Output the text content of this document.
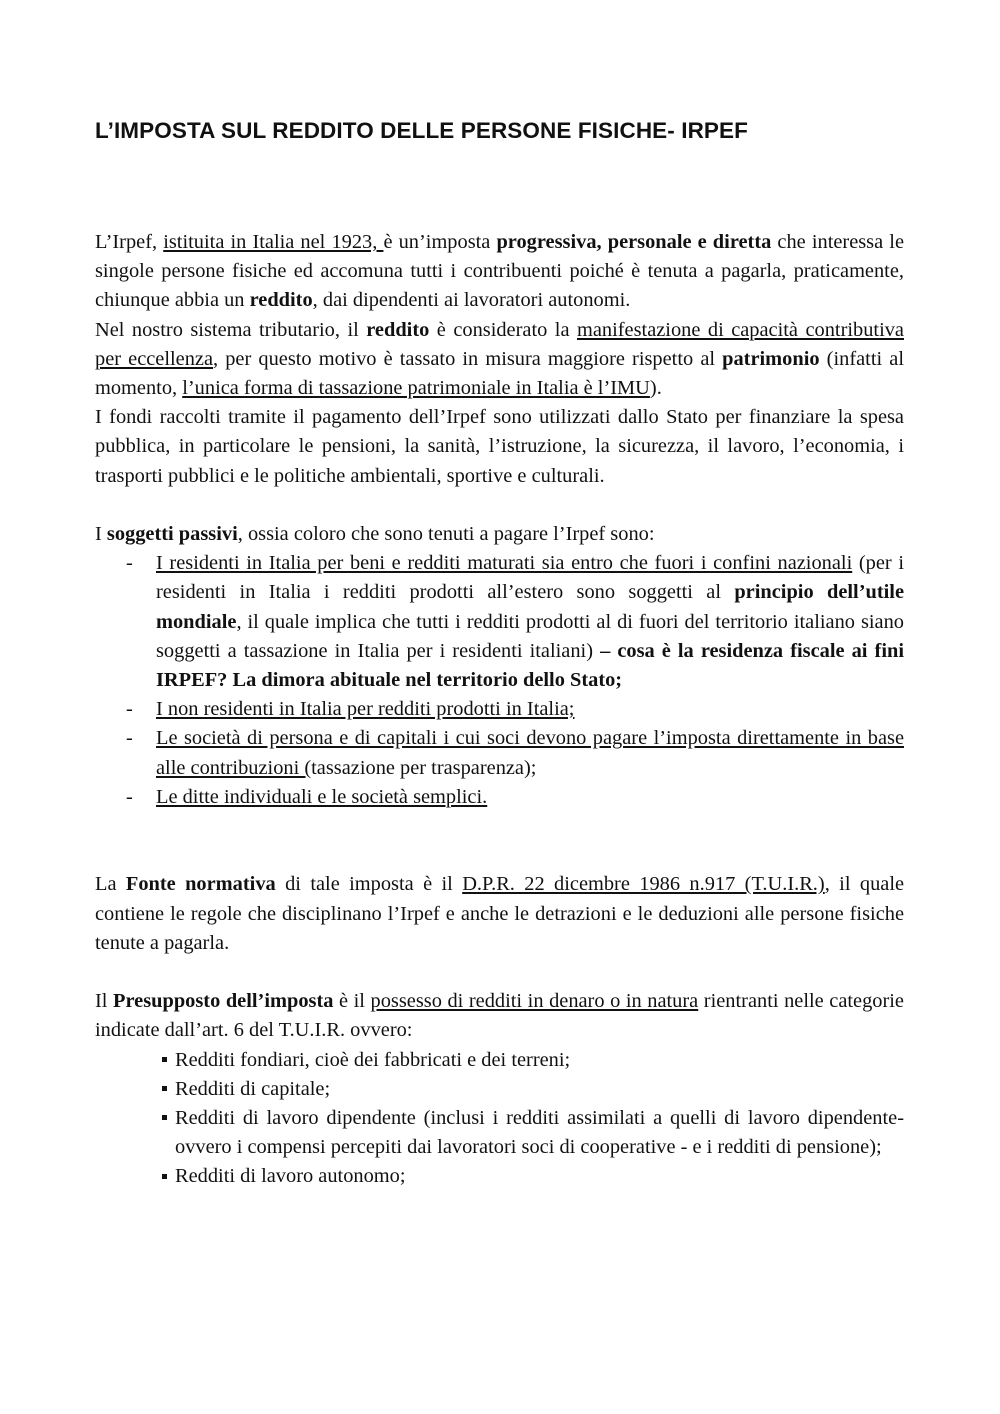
L’IMPOSTA SUL REDDITO DELLE PERSONE FISICHE- IRPEF

L’Irpef, istituita in Italia nel 1923, è un’imposta progressiva, personale e diretta che interessa le singole persone fisiche ed accomuna tutti i contribuenti poiché è tenuta a pagarla, praticamente, chiunque abbia un reddito, dai dipendenti ai lavoratori autonomi.

Nel nostro sistema tributario, il reddito è considerato la manifestazione di capacità contributiva per eccellenza, per questo motivo è tassato in misura maggiore rispetto al patrimonio (infatti al momento, l’unica forma di tassazione patrimoniale in Italia è l’IMU).

I fondi raccolti tramite il pagamento dell’Irpef sono utilizzati dallo Stato per finanziare la spesa pubblica, in particolare le pensioni, la sanità, l’istruzione, la sicurezza, il lavoro, l’economia, i trasporti pubblici e le politiche ambientali, sportive e culturali.

I soggetti passivi, ossia coloro che sono tenuti a pagare l’Irpef sono:

- I residenti in Italia per beni e redditi maturati sia entro che fuori i confini nazionali (per i residenti in Italia i redditi prodotti all’estero sono soggetti al principio dell’utile mondiale, il quale implica che tutti i redditi prodotti al di fuori del territorio italiano siano soggetti a tassazione in Italia per i residenti italiani) – cosa è la residenza fiscale ai fini IRPEF? La dimora abituale nel territorio dello Stato;
- I non residenti in Italia per redditi prodotti in Italia;
- Le società di persona e di capitali i cui soci devono pagare l’imposta direttamente in base alle contribuzioni (tassazione per trasparenza);
- Le ditte individuali e le società semplici.

La Fonte normativa di tale imposta è il D.P.R. 22 dicembre 1986 n.917 (T.U.I.R.), il quale contiene le regole che disciplinano l’Irpef e anche le detrazioni e le deduzioni alle persone fisiche tenute a pagarla.

Il Presupposto dell’imposta è il possesso di redditi in denaro o in natura rientranti nelle categorie indicate dall’art. 6 del T.U.I.R. ovvero:

Redditi fondiari, cioè dei fabbricati e dei terreni;
Redditi di capitale;
Redditi di lavoro dipendente (inclusi i redditi assimilati a quelli di lavoro dipendente- ovvero i compensi percepiti dai lavoratori soci di cooperative - e i redditi di pensione);
Redditi di lavoro autonomo;
